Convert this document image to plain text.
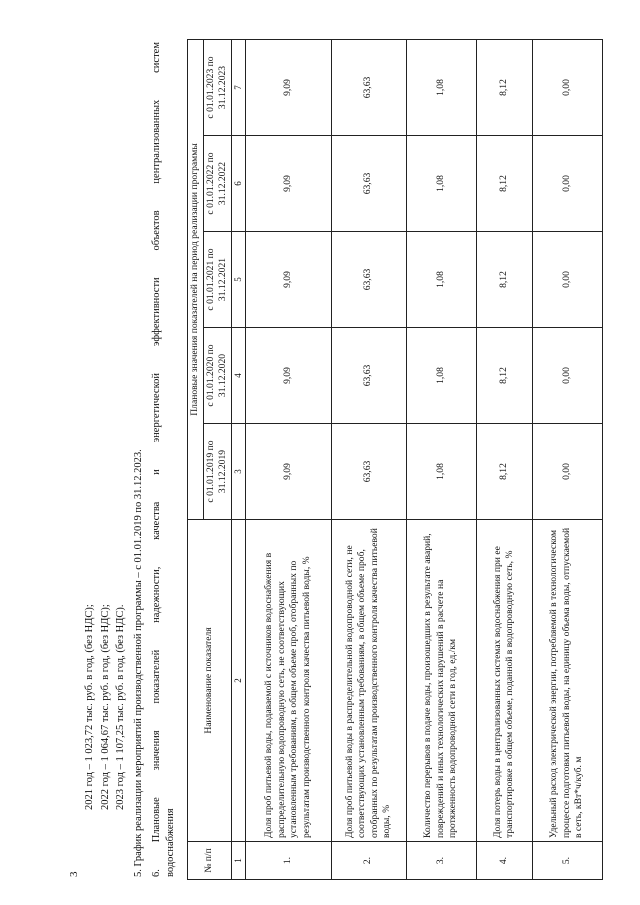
3
2021 год – 1 023,72 тыс. руб. в год, (без НДС); 2022 год – 1 064,67 тыс. руб. в год, (без НДС); 2023 год – 1 107,25 тыс. руб. в год, (без НДС). 5. График реализации мероприятий производственной программы – с 01.01.2019 по 31.12.2023. 6.
Плановые
значения
показателей
надежности,
качества
и
энергетической
эффективности
объектов
централизованных
систем
водоснабжения	№ п/п	Наименование показателя	Плановые значения показателей на период реализации программы				
		с 01.01.2019 по 31.12.2019	с 01.01.2020 по 31.12.2020	с 01.01.2021 по 31.12.2021	с 01.01.2022 по 31.12.2022	с 01.01.2023 по 31.12.2023
1	2	3	4	5	6	7
1.	Доля проб питьевой воды, подаваемой с источников водоснабжения в распределительную водопроводную сеть, не соответствующих установленным требованиям, в общем объеме проб, отобранных по результатам производственного контроля качества питьевой воды, %	9,09	9,09	9,09	9,09	9,09
2.	Доля проб питьевой воды в распределительной водопроводной сети, не соответствующих установленным требованиям, в общем объеме проб, отобранных по результатам производственного контроля качества питьевой воды, %	63,63	63,63	63,63	63,63	63,63
3.	Количество перерывов в подаче воды, произошедших в результате аварий, повреждений и иных технологических нарушений в расчете на протяженность водопроводной сети в год, ед./км	1,08	1,08	1,08	1,08	1,08
4.	Доля потерь воды в централизованных системах водоснабжения при ее транспортировке в общем объеме, поданной в водопроводную сеть, %	8,12	8,12	8,12	8,12	8,12
5.	Удельный расход электрической энергии, потребляемой в технологическом процессе подготовки питьевой воды, на единицу объема воды, отпускаемой в сеть, кВт*ч/куб. м	0,00	0,00	0,00	0,00	0,00
